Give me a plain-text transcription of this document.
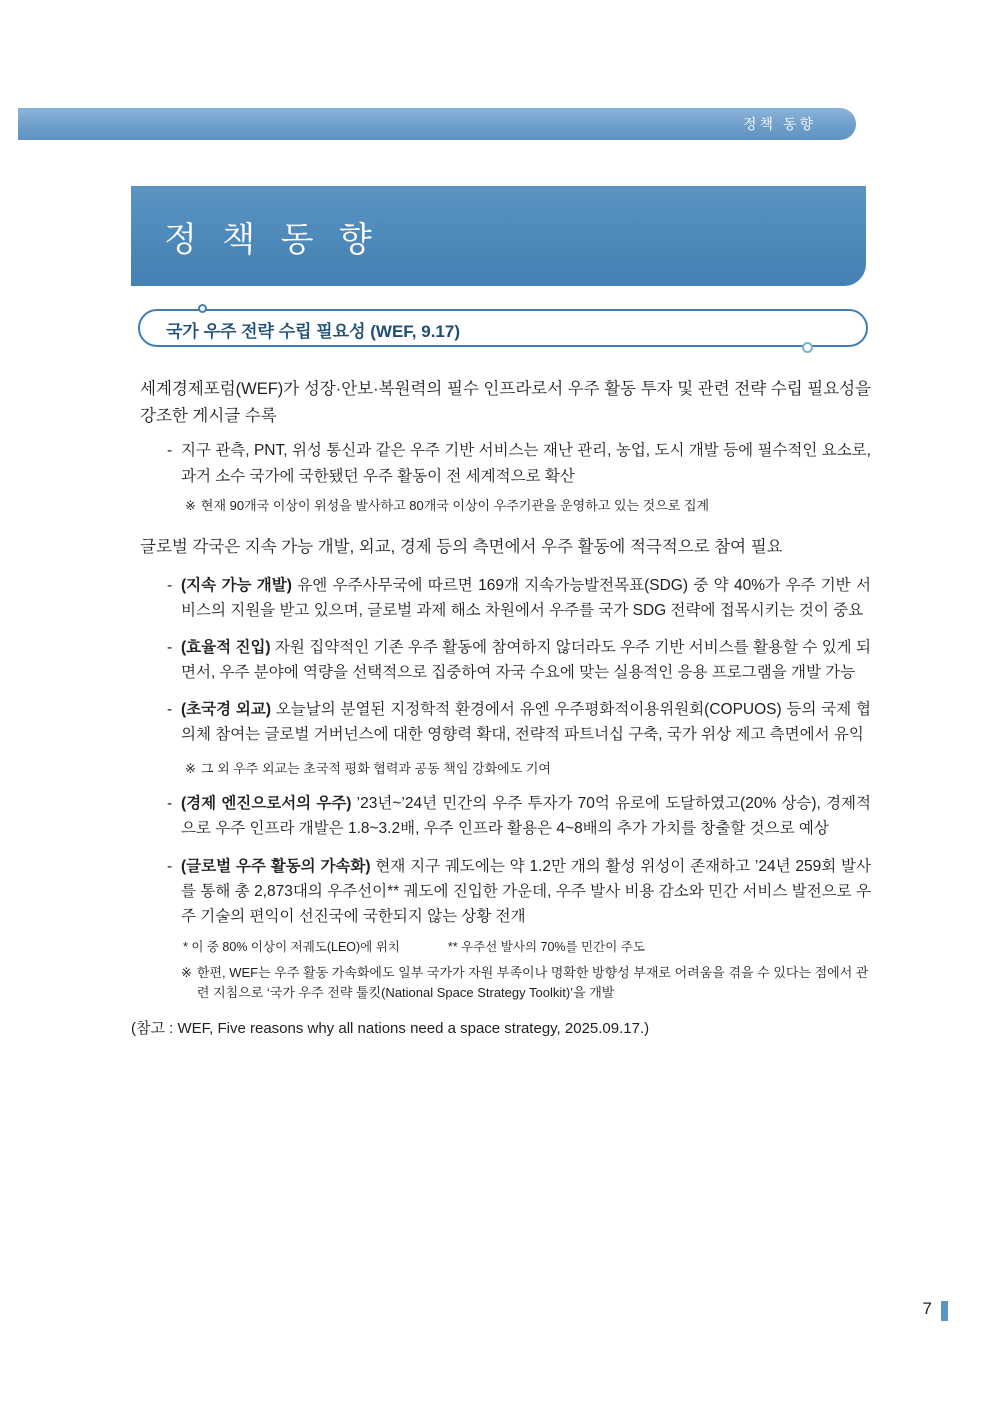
정책 동향
정 책 동 향
국가 우주 전략 수립 필요성 (WEF, 9.17)
세계경제포럼(WEF)가 성장·안보·복원력의 필수 인프라로서 우주 활동 투자 및 관련 전략 수립 필요성을 강조한 게시글 수록
- 지구 관측, PNT, 위성 통신과 같은 우주 기반 서비스는 재난 관리, 농업, 도시 개발 등에 필수적인 요소로, 과거 소수 국가에 국한됐던 우주 활동이 전 세계적으로 확산
※ 현재 90개국 이상이 위성을 발사하고 80개국 이상이 우주기관을 운영하고 있는 것으로 집계
글로벌 각국은 지속 가능 개발, 외교, 경제 등의 측면에서 우주 활동에 적극적으로 참여 필요
- (지속 가능 개발) 유엔 우주사무국에 따르면 169개 지속가능발전목표(SDG) 중 약 40%가 우주 기반 서비스의 지원을 받고 있으며, 글로벌 과제 해소 차원에서 우주를 국가 SDG 전략에 접목시키는 것이 중요
- (효율적 진입) 자원 집약적인 기존 우주 활동에 참여하지 않더라도 우주 기반 서비스를 활용할 수 있게 되면서, 우주 분야에 역량을 선택적으로 집중하여 자국 수요에 맞는 실용적인 응용 프로그램을 개발 가능
- (초국경 외교) 오늘날의 분열된 지정학적 환경에서 유엔 우주평화적이용위원회(COPUOS) 등의 국제 협의체 참여는 글로벌 거버넌스에 대한 영향력 확대, 전략적 파트너십 구축, 국가 위상 제고 측면에서 유익
※ 그 외 우주 외교는 초국적 평화 협력과 공동 책임 강화에도 기여
- (경제 엔진으로서의 우주) ’23년~’24년 민간의 우주 투자가 70억 유로에 도달하였고(20% 상승), 경제적으로 우주 인프라 개발은 1.8~3.2배, 우주 인프라 활용은 4~8배의 추가 가치를 창출할 것으로 예상
- (글로벌 우주 활동의 가속화) 현재 지구 궤도에는 약 1.2만 개의 활성 위성이 존재하고 ’24년 259회 발사를 통해 총 2,873대의 우주선이** 궤도에 진입한 가운데, 우주 발사 비용 감소와 민간 서비스 발전으로 우주 기술의 편익이 선진국에 국한되지 않는 상황 전개
* 이 중 80% 이상이 저궤도(LEO)에 위치	** 우주선 발사의 70%를 민간이 주도
※ 한편, WEF는 우주 활동 가속화에도 일부 국가가 자원 부족이나 명확한 방향성 부재로 어려움을 겪을 수 있다는 점에서 관련 지침으로 ‘국가 우주 전략 툴킷(National Space Strategy Toolkit)’을 개발
(참고 : WEF, Five reasons why all nations need a space strategy, 2025.09.17.)
7
